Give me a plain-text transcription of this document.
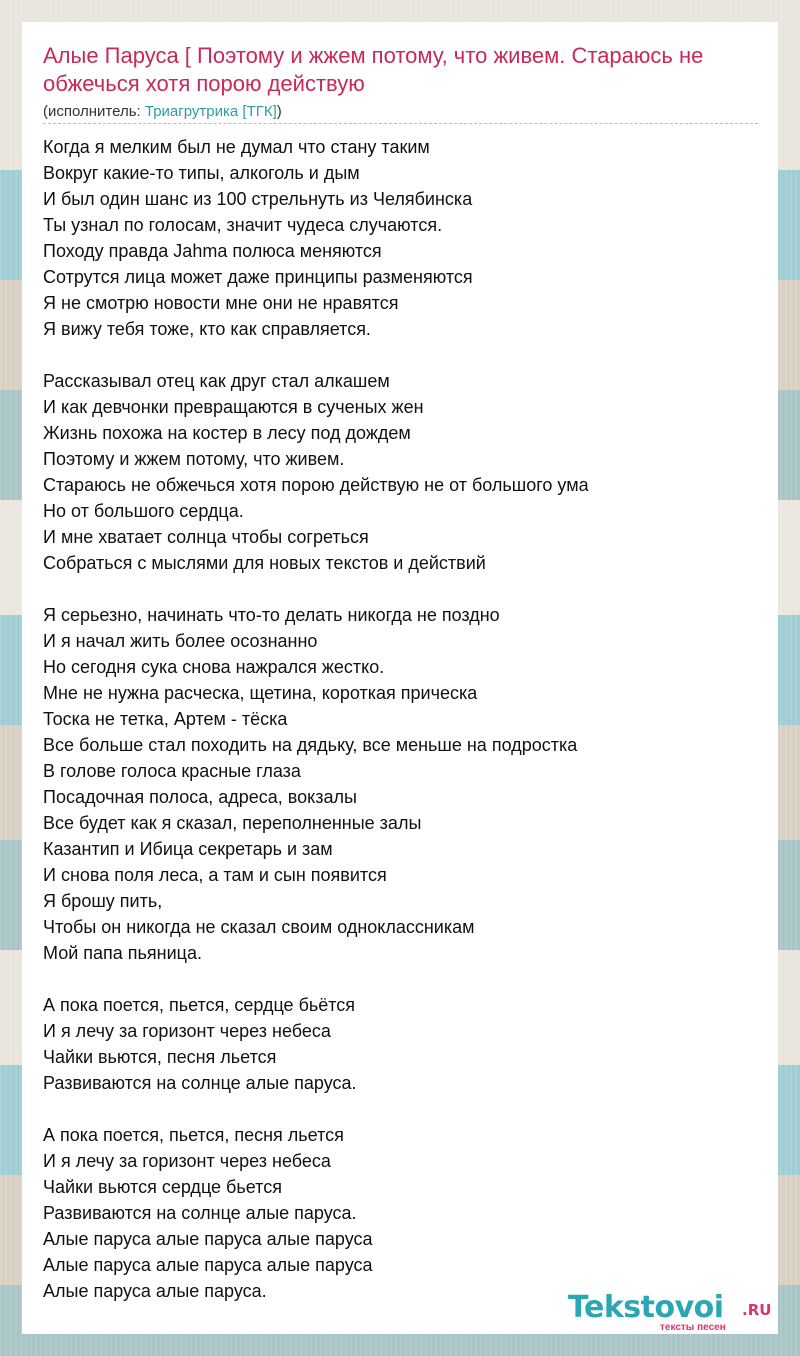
Алые Паруса [ Поэтому и жжем потому, что живем. Стараюсь не обжечься хотя порою действую
(исполнитель: Триагрутрика [ТГК])
Когда я мелким был не думал что стану таким
Вокруг какие-то типы, алкоголь и дым
И был один шанс из 100 стрельнуть из Челябинска
Ты узнал по голосам, значит чудеса случаются.
Походу правда Jahma полюса меняются
Сотрутся лица может даже принципы разменяются
Я не смотрю новости мне они не нравятся
Я вижу тебя тоже, кто как справляется.
Рассказывал отец как друг стал алкашем
И как девчонки превращаются в сученых жен
Жизнь похожа на костер в лесу под дождем
Поэтому и жжем потому, что живем.
Стараюсь не обжечься хотя порою действую не от большого ума
Но от большого сердца.
И мне хватает солнца чтобы согреться
Собраться с мыслями для новых текстов и действий
Я серьезно, начинать что-то делать никогда не поздно
И я начал жить более осознанно
Но сегодня сука снова нажрался жестко.
Мне не нужна расческа, щетина, короткая прическа
Тоска не тетка, Артем - тёска
Все больше стал походить на дядьку, все меньше на подростка
В голове голоса красные глаза
Посадочная полоса, адреса, вокзалы
Все будет как я сказал, переполненные залы
Казантип и Ибица секретарь и зам
И снова поля леса, а там и сын появится
Я брошу пить,
Чтобы он никогда не сказал своим одноклассникам
Мой папа пьяница.
А пока поется, пьется, сердце бьётся
И я лечу за горизонт через небеса
Чайки вьются, песня льется
Развиваются на солнце алые паруса.
А пока поется, пьется, песня льется
И я лечу за горизонт через небеса
Чайки вьются сердце бьется
Развиваются на солнце алые паруса.
Алые паруса алые паруса алые паруса
Алые паруса алые паруса алые паруса
Алые паруса алые паруса.	Tekstovoi .RU
тексты песен
